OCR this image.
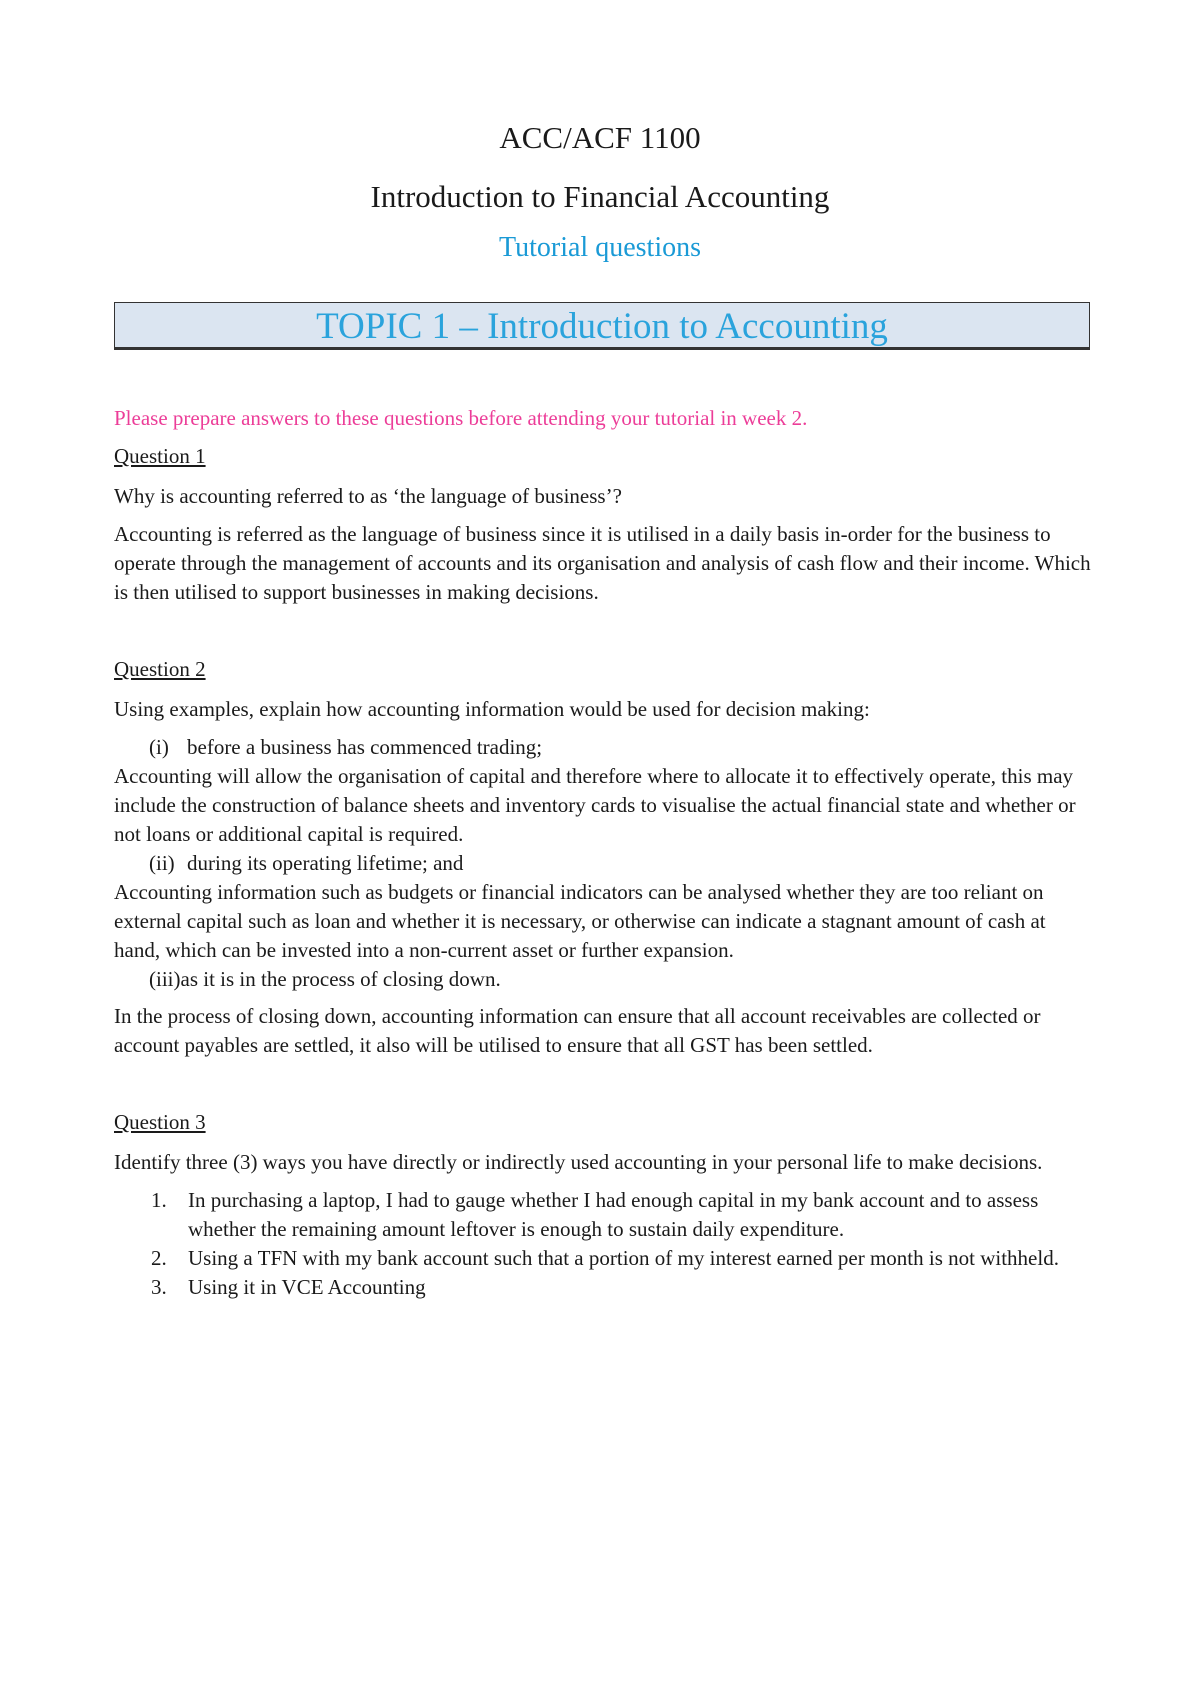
ACC/ACF 1100
Introduction to Financial Accounting
Tutorial questions
TOPIC 1 – Introduction to Accounting

Please prepare answers to these questions before attending your tutorial in week 2.

Question 1

Why is accounting referred to as ‘the language of business’?

Accounting is referred as the language of business since it is utilised in a daily basis in-order for the business to operate through the management of accounts and its organisation and analysis of cash flow and their income. Which is then utilised to support businesses in making decisions.

Question 2

Using examples, explain how accounting information would be used for decision making:

(i) before a business has commenced trading;

Accounting will allow the organisation of capital and therefore where to allocate it to effectively operate, this may include the construction of balance sheets and inventory cards to visualise the actual financial state and whether or not loans or additional capital is required.

(ii) during its operating lifetime; and

Accounting information such as budgets or financial indicators can be analysed whether they are too reliant on external capital such as loan and whether it is necessary, or otherwise can indicate a stagnant amount of cash at hand, which can be invested into a non-current asset or further expansion.

(iii)as it is in the process of closing down.

In the process of closing down, accounting information can ensure that all account receivables are collected or account payables are settled, it also will be utilised to ensure that all GST has been settled.

Question 3

Identify three (3) ways you have directly or indirectly used accounting in your personal life to make decisions.

1. In purchasing a laptop, I had to gauge whether I had enough capital in my bank account and to assess whether the remaining amount leftover is enough to sustain daily expenditure.
2. Using a TFN with my bank account such that a portion of my interest earned per month is not withheld.
3. Using it in VCE Accounting
